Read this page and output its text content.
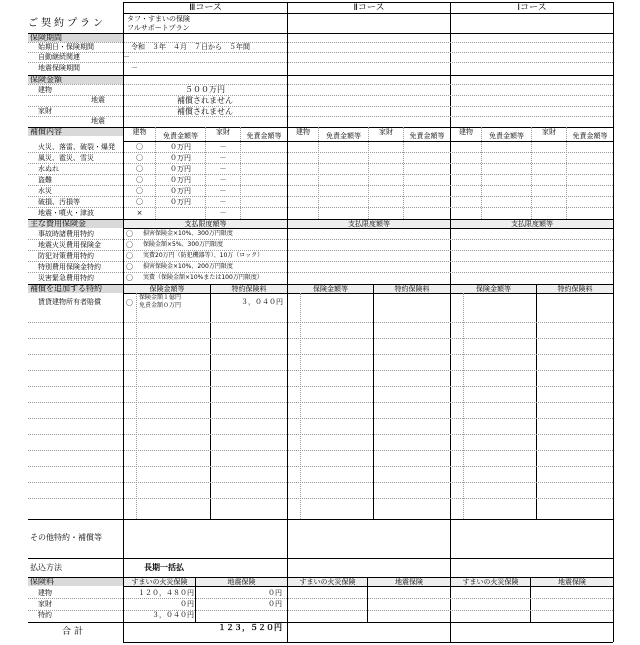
Ⅲコース	Ⅱコース	Ⅰコース
ご契約プラン	タフ・すまいの保険
フルサポートプラン
保険期間
始期日・保険期間	令和　３年　４月　７日から　５年間
自動継続関連	－
地震保険期間	－
保険金額
建物	５００万円
地震	補償されません
家財	補償されません
地震
補償内容	建物	免責金額等	家財	免責金額等	建物	免責金額等	家財	免責金額等	建物	免責金額等	家財	免責金額等
火災、落雷、破裂・爆発	〇	０万円	－
風災、雹災、雪災	〇	０万円	－
水ぬれ	〇	０万円	－
盗難	〇	０万円	－
水災	〇	０万円	－
破損、汚損等	〇	０万円	－
地震・噴火・津波	×	－
主な費用保険金	支払限度額等	支払限度額等	支払限度額等
事故時諸費用特約	〇 損害保険金×10%、300万円限度
地震火災費用保険金	〇 保険金額×5%、300万円限度
防犯対策費用特約	〇 実費20万円（防犯機器等）、10万（ロック）
特別費用保険金特約	〇 損害保険金×10%、200万円限度
災害緊急費用特約	〇 実費（保険金額×10%または100万円限度）
補償を追加する特約	保険金額等	特約保険料	保険金額等	特約保険料	保険金額等	特約保険料
賃貸建物所有者賠償	〇
保険金額１億円
免責金額０万円	３，０４０円
その他特約・補償等
払込方法	長期一括払
保険料	すまいの火災保険	地震保険	すまいの火災保険	地震保険	すまいの火災保険	地震保険
建物	１２０，４８０円	０円
家財	０円	０円
特約	３，０４０円
合計	１２３，５２０円
